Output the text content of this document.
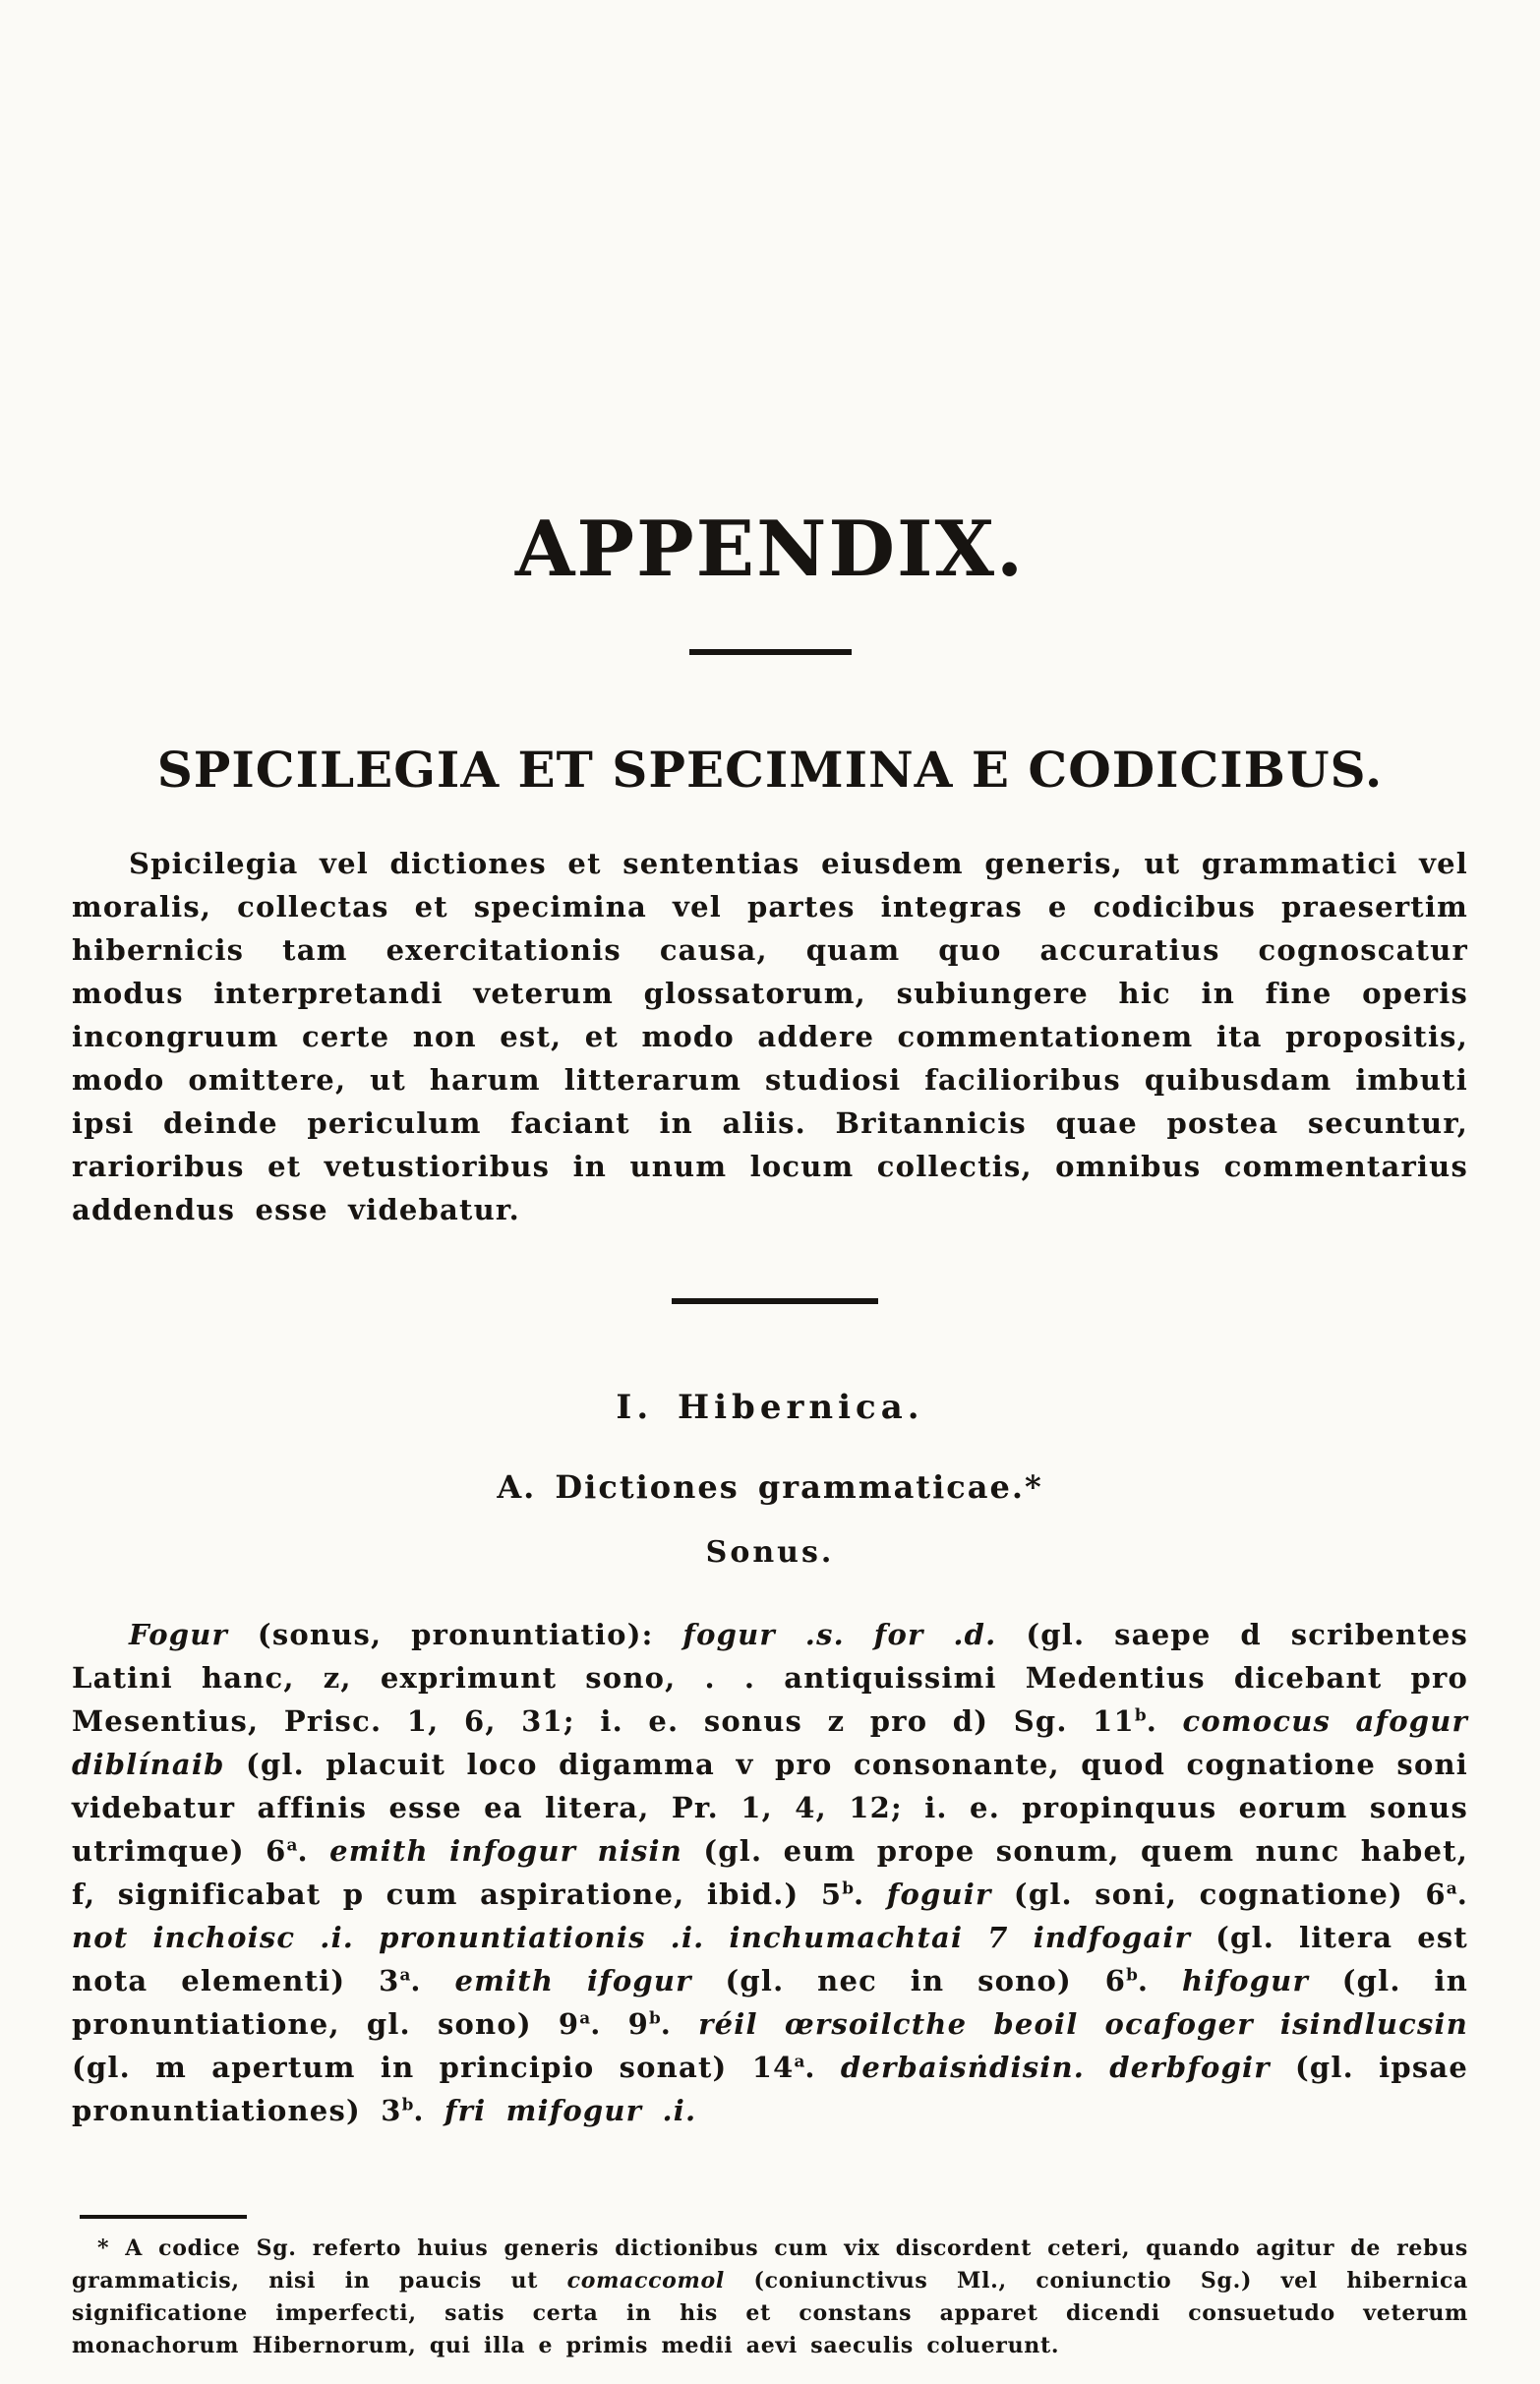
APPENDIX.
SPICILEGIA ET SPECIMINA E CODICIBUS.

Spicilegia vel dictiones et sententias eiusdem generis, ut grammatici vel moralis, collectas et specimina vel partes integras e codicibus praesertim hibernicis tam exercitationis causa, quam quo accuratius cognoscatur modus interpretandi veterum glossatorum, subiungere hic in fine operis incongruum certe non est, et modo addere commentationem ita propositis, modo omittere, ut harum litterarum studiosi facilioribus quibusdam imbuti ipsi deinde periculum faciant in aliis. Britannicis quae postea secuntur, rarioribus et vetustioribus in unum locum collectis, omnibus commentarius addendus esse videbatur.

I. Hibernica.
A. Dictiones grammaticae.*
Sonus.

Fogur (sonus, pronuntiatio): fogur .s. for .d. (gl. saepe d scribentes Latini hanc, z, exprimunt sono, . . antiquissimi Medentius dicebant pro Mesentius, Prisc. 1, 6, 31; i. e. sonus z pro d) Sg. 11$^b$. comocus afogur diblínaib (gl. placuit loco digamma v pro consonante, quod cognatione soni videbatur affinis esse ea litera, Pr. 1, 4, 12; i. e. propinquus eorum sonus utrimque) 6$^a$. emith infogur nisin (gl. eum prope sonum, quem nunc habet, f, significabat p cum aspiratione, ibid.) 5$^b$. foguir (gl. soni, cognatione) 6$^a$. not inchoisc .i. pronuntiationis .i. inchumachtai 7 indfogair (gl. litera est nota elementi) 3$^a$. emith ifogur (gl. nec in sono) 6$^b$. hifogur (gl. in pronuntiatione, gl. sono) 9$^a$. 9$^b$. réil œrsoilcthe beoil ocafoger isindlucsin (gl. m apertum in principio sonat) 14$^a$. derbaisṅdisin. derbfogir (gl. ipsae pronuntiationes) 3$^b$. fri mifogur .i.

* A codice Sg. referto huius generis dictionibus cum vix discordent ceteri, quando agitur de rebus grammaticis, nisi in paucis ut comaccomol (coniunctivus Ml., coniunctio Sg.) vel hibernica significatione imperfecti, satis certa in his et constans apparet dicendi consuetudo veterum monachorum Hibernorum, qui illa e primis medii aevi saeculis coluerunt.
